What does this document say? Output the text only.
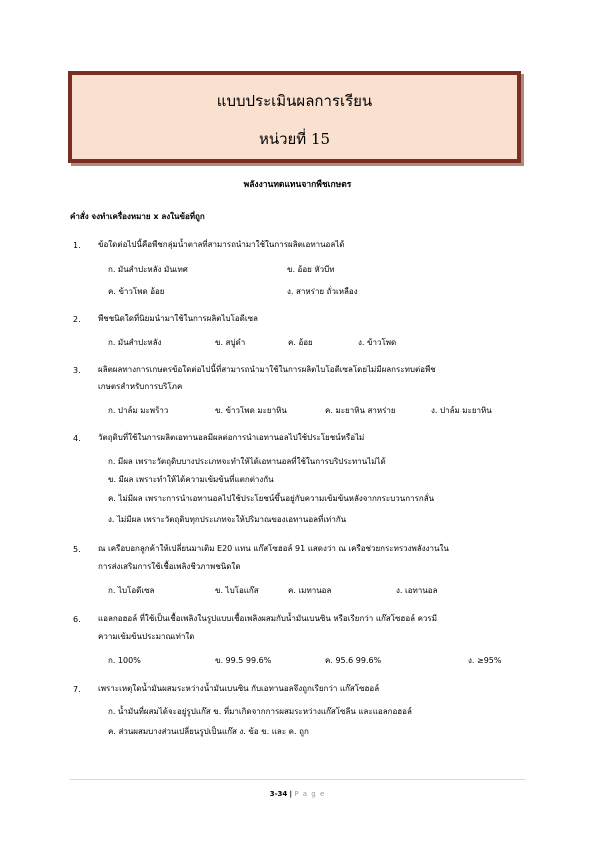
แบบประเมินผลการเรียน
หน่วยที่ 15
พลังงานทดแทนจากพืชเกษตร
คำสั่ง จงทำเครื่องหมาย x ลงในข้อที่ถูก
1. ข้อใดต่อไปนี้คือพืชกลุ่มน้ำตาลที่สามารถนำมาใช้ในการผลิตเอทานอลได้
ก. มันสำปะหลัง มันเทศ	ข. อ้อย หัวบีท
ค. ข้าวโพด อ้อย	ง. สาหร่าย ถั่วเหลือง
2. พืชชนิดใดที่นิยมนำมาใช้ในการผลิตไบโอดีเซล
ก. มันสำปะหลัง	ข. สบู่ดำ	ค. อ้อย	ง. ข้าวโพด
3. ผลิตผลทางการเกษตรข้อใดต่อไปนี้ที่สามารถนำมาใช้ในการผลิตไบโอดีเซลโดยไม่มีผลกระทบต่อพืช
เกษตรสำหรับการบริโภค
ก. ปาล์ม มะพร้าว	ข. ข้าวโพด มะยาหิน	ค. มะยาหิน สาหร่าย	ง. ปาล์ม มะยาหิน
4. วัตถุดิบที่ใช้ในการผลิตเอทานอลมีผลต่อการนำเอทานอลไปใช้ประโยชน์หรือไม่
ก. มีผล เพราะวัตถุดิบบางประเภทจะทำให้ได้เอทานอลที่ใช้ในการบริประทานไม่ได้
ข. มีผล เพราะทำให้ได้ความเข้มข้นที่แตกต่างกัน
ค. ไม่มีผล เพราะการนำเอทานอลไปใช้ประโยชน์ขึ้นอยู่กับความเข้มข้นหลังจากกระบวนการกลั่น
ง. ไม่มีผล เพราะวัตถุดิบทุกประเภทจะให้ปริมาณของเอทานอลที่เท่ากัน
5. ณ เครือบอกลูกค้าให้เปลี่ยนมาเติม E20 แทน แก๊สโซฮอล์ 91 แสดงว่า ณ เครือช่วยกระทรวงพลังงานใน
การส่งเสริมการใช้เชื้อเพลิงชีวภาพชนิดใด
ก. ไบโอดีเซล	ข. ไบโอแก๊ส	ค. เมทานอล	ง. เอทานอล
6. แอลกอฮอล์ ที่ใช้เป็นเชื้อเพลิงในรูปแบบเชื้อเพลิงผสมกับน้ำมันเบนซิน หรือเรียกว่า แก๊สโซฮอล์ ควรมี
ความเข้มข้นประมาณเท่าใด
ก. 100%	ข. 99.5 99.6%	ค. 95.6 99.6%	ง. ≥95%
7. เพราะเหตุใดน้ำมันผสมระหว่างน้ำมันเบนซิน กับเอทานอลจึงถูกเรียกว่า แก๊สโซฮอล์
ก. น้ำมันที่ผสมได้จะอยู่รูปแก๊ส ข. ที่มาเกิดจากการผสมระหว่างแก๊สโซลีน และแอลกอฮอล์
ค. ส่วนผสมบางส่วนเปลี่ยนรูปเป็นแก๊ส ง. ข้อ ข. และ ค. ถูก
3-34 | P a g e
